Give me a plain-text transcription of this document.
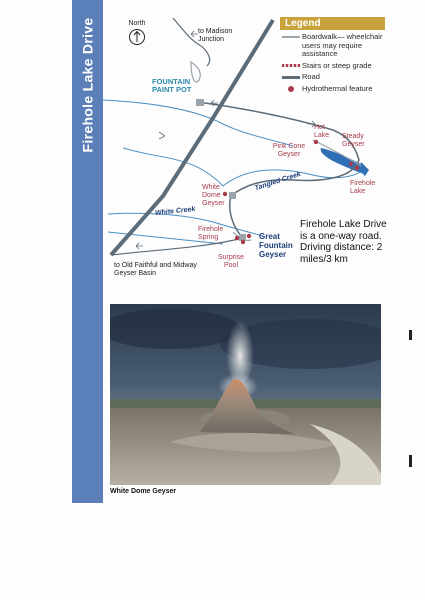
Firehole Lake Drive	North
to Madison Junction
FOUNTAIN PAINT POT
Hot Lake	Steady Geyser
Pink Cone Geyser
Firehole Lake
Tangled Creek
White Dome Geyser
White Creek
Firehole Spring	Great Fountain Geyser
Surprise Pool
to Old Faithful and Midway Geyser Basin
Legend
Boardwalk— wheelchair users may require assistance
Stairs or steep grade
Road
Hydrothermal feature
Firehole Lake Drive is a one-way road. Driving distance: 2 miles/3 km
White Dome Geyser
